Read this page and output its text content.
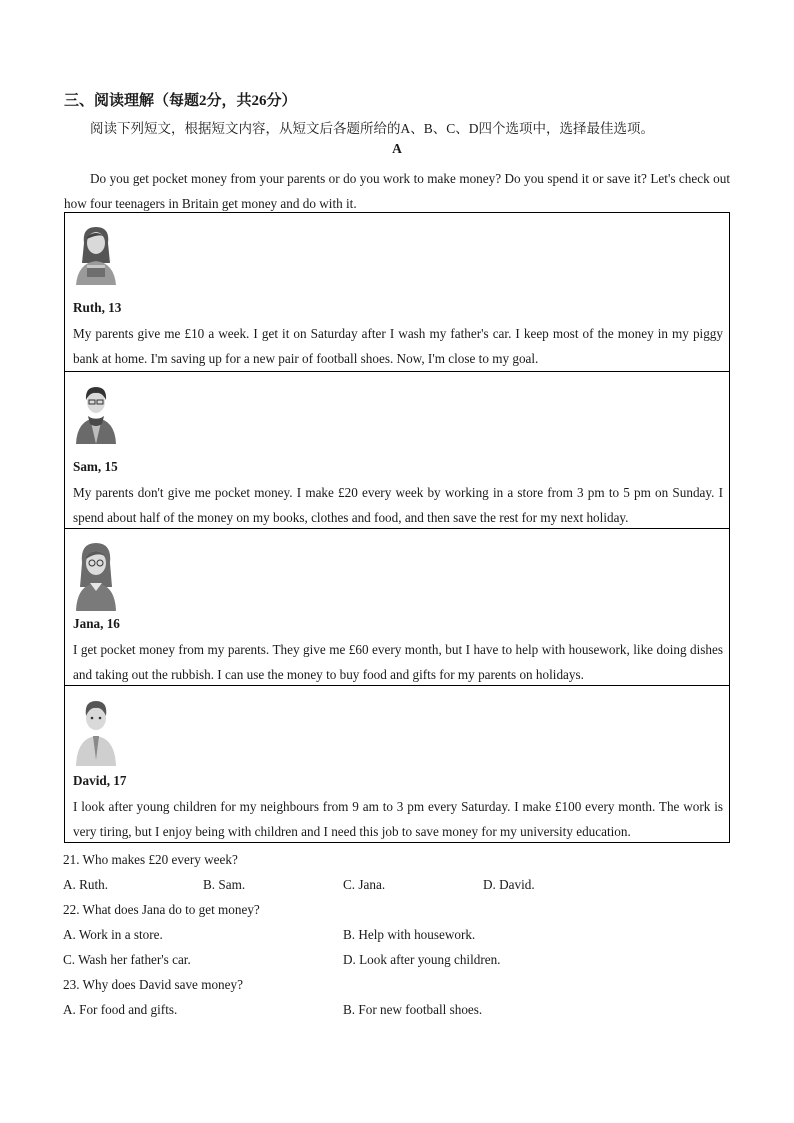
三、阅读理解（每题2分，共26分）
阅读下列短文，根据短文内容，从短文后各题所给的A、B、C、D四个选项中，选择最佳选项。
A
Do you get pocket money from your parents or do you work to make money? Do you spend it or save it? Let's check out how four teenagers in Britain get money and do with it.
Ruth, 13
My parents give me £10 a week. I get it on Saturday after I wash my father's car. I keep most of the money in my piggy bank at home. I'm saving up for a new pair of football shoes. Now, I'm close to my goal.
Sam, 15
My parents don't give me pocket money. I make £20 every week by working in a store from 3 pm to 5 pm on Sunday. I spend about half of the money on my books, clothes and food, and then save the rest for my next holiday.
Jana, 16
I get pocket money from my parents. They give me £60 every month, but I have to help with housework, like doing dishes and taking out the rubbish. I can use the money to buy food and gifts for my parents on holidays.
David, 17
I look after young children for my neighbours from 9 am to 3 pm every Saturday. I make £100 every month. The work is very tiring, but I enjoy being with children and I need this job to save money for my university education.
21. Who makes £20 every week?
A. Ruth.	B. Sam.	C. Jana.	D. David.
22. What does Jana do to get money?
A. Work in a store.	B. Help with housework.
C. Wash her father's car.	D. Look after young children.
23. Why does David save money?
A. For food and gifts.	B. For new football shoes.
